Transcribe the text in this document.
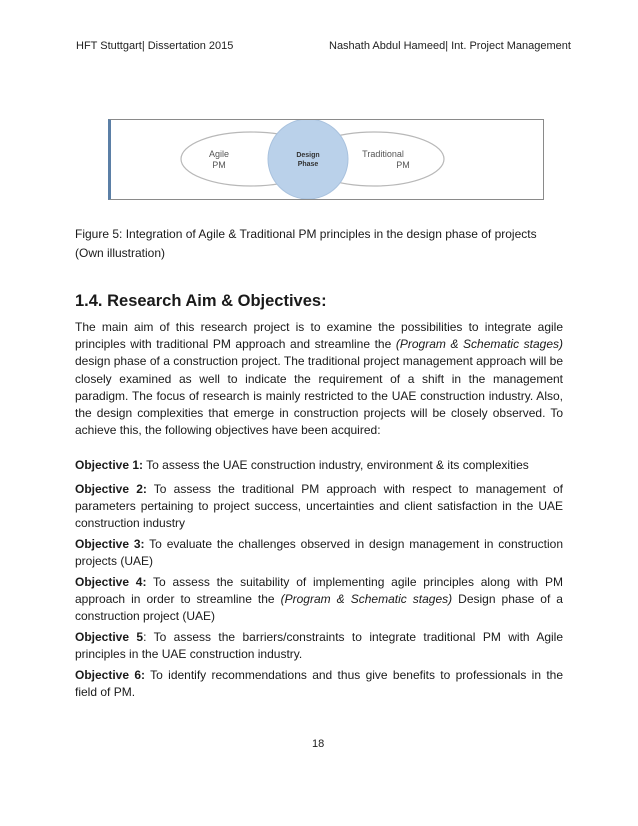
HFT Stuttgart| Dissertation 2015	Nashath Abdul Hameed| Int. Project Management
Agile
PM
Design
Phase
Traditional
PM
Figure 5: Integration of Agile & Traditional PM principles in the design phase of projects
(Own illustration)
1.4. Research Aim & Objectives:

The main aim of this research project is to examine the possibilities to integrate agile principles with traditional PM approach and streamline the (Program & Schematic stages) design phase of a construction project. The traditional project management approach will be closely examined as well to indicate the requirement of a shift in the management paradigm. The focus of research is mainly restricted to the UAE construction industry. Also, the design complexities that emerge in construction projects will be closely observed. To achieve this, the following objectives have been acquired:

Objective 1: To assess the UAE construction industry, environment & its complexities

Objective 2: To assess the traditional PM approach with respect to management of parameters pertaining to project success, uncertainties and client satisfaction in the UAE construction industry

Objective 3: To evaluate the challenges observed in design management in construction projects (UAE)

Objective 4: To assess the suitability of implementing agile principles along with PM approach in order to streamline the (Program & Schematic stages) Design phase of a construction project (UAE)

Objective 5: To assess the barriers/constraints to integrate traditional PM with Agile principles in the UAE construction industry.

Objective 6: To identify recommendations and thus give benefits to professionals in the field of PM.

18
